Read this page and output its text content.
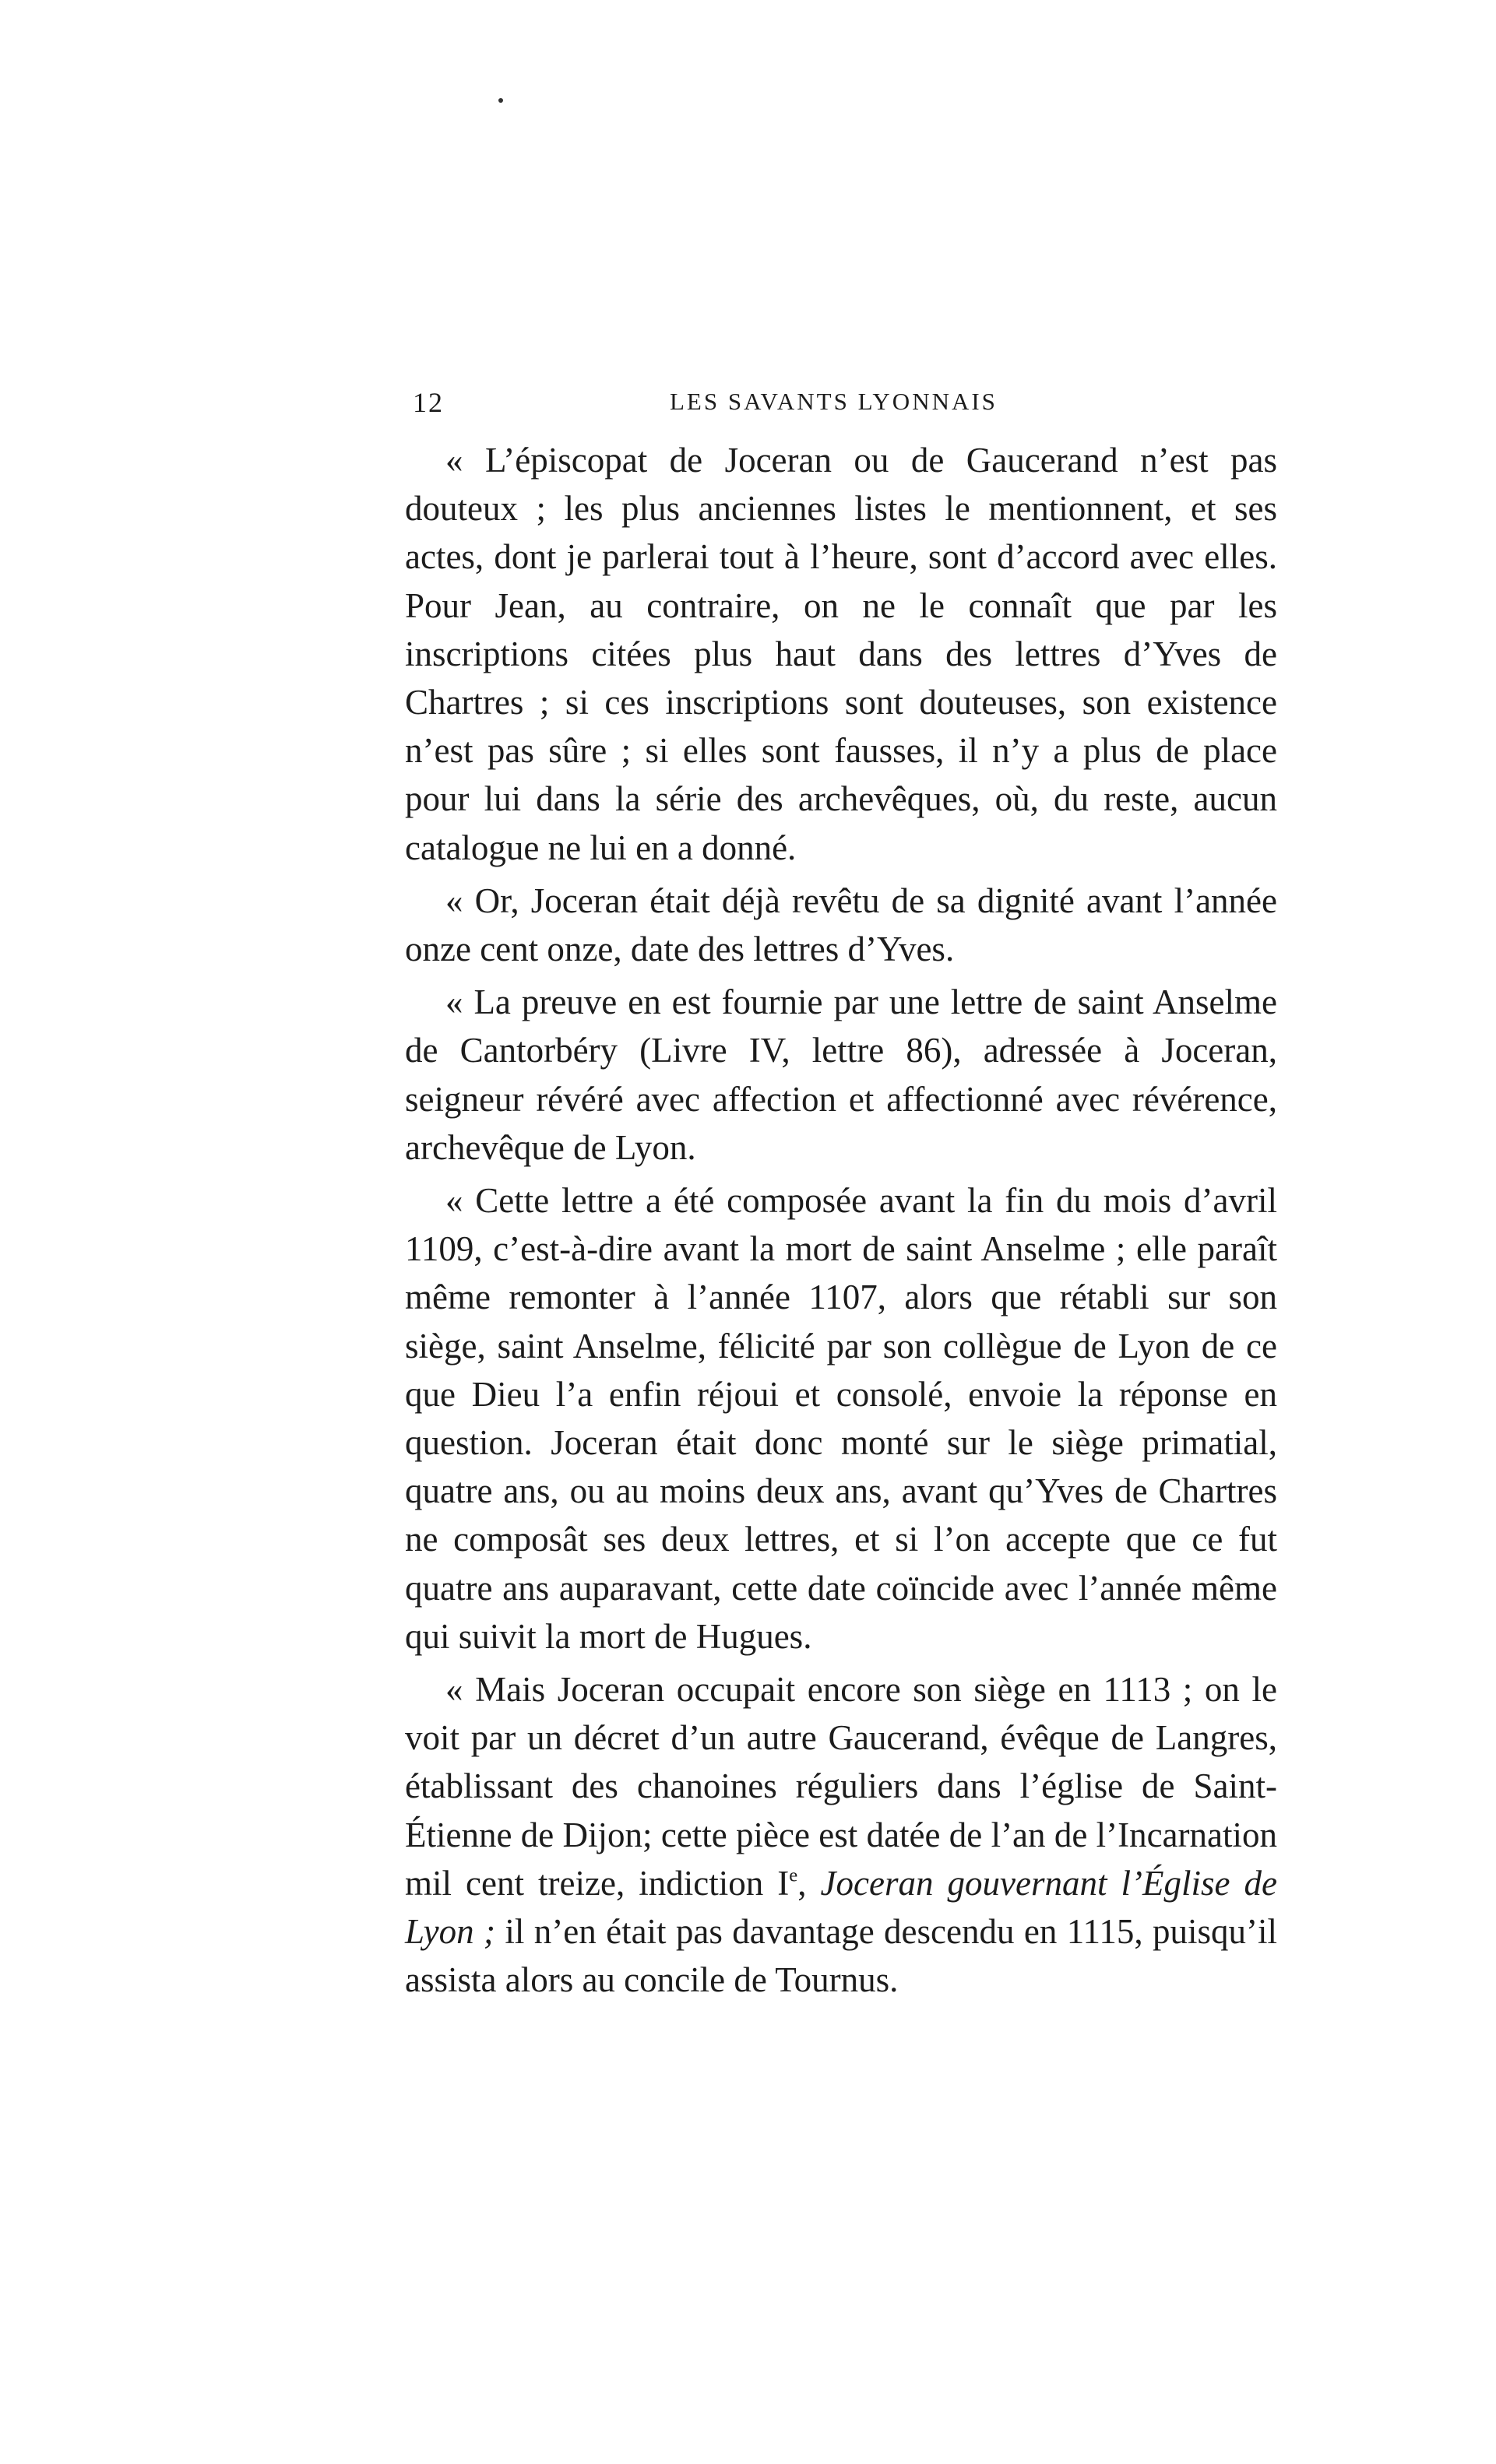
12	LES SAVANTS LYONNAIS

« L’épiscopat de Joceran ou de Gaucerand n’est pas douteux ; les plus anciennes listes le mentionnent, et ses actes, dont je parlerai tout à l’heure, sont d’accord avec elles. Pour Jean, au contraire, on ne le connaît que par les inscriptions citées plus haut dans des lettres d’Yves de Chartres ; si ces inscriptions sont douteuses, son existence n’est pas sûre ; si elles sont fausses, il n’y a plus de place pour lui dans la série des archevêques, où, du reste, aucun catalogue ne lui en a donné.

« Or, Joceran était déjà revêtu de sa dignité avant l’année onze cent onze, date des lettres d’Yves.

« La preuve en est fournie par une lettre de saint Anselme de Cantorbéry (Livre IV, lettre 86), adressée à Joceran, seigneur révéré avec affection et affectionné avec révérence, archevêque de Lyon.

« Cette lettre a été composée avant la fin du mois d’avril 1109, c’est-à-dire avant la mort de saint Anselme ; elle paraît même remonter à l’année 1107, alors que rétabli sur son siège, saint Anselme, félicité par son collègue de Lyon de ce que Dieu l’a enfin réjoui et consolé, envoie la réponse en question. Joceran était donc monté sur le siège primatial, quatre ans, ou au moins deux ans, avant qu’Yves de Chartres ne composât ses deux lettres, et si l’on accepte que ce fut quatre ans auparavant, cette date coïncide avec l’année même qui suivit la mort de Hugues.

« Mais Joceran occupait encore son siège en 1113 ; on le voit par un décret d’un autre Gaucerand, évêque de Langres, établissant des chanoines réguliers dans l’église de Saint-Étienne de Dijon; cette pièce est datée de l’an de l’Incarnation mil cent treize, indiction Ie, Joceran gouvernant l’Église de Lyon ; il n’en était pas davantage descendu en 1115, puisqu’il assista alors au concile de Tournus.
